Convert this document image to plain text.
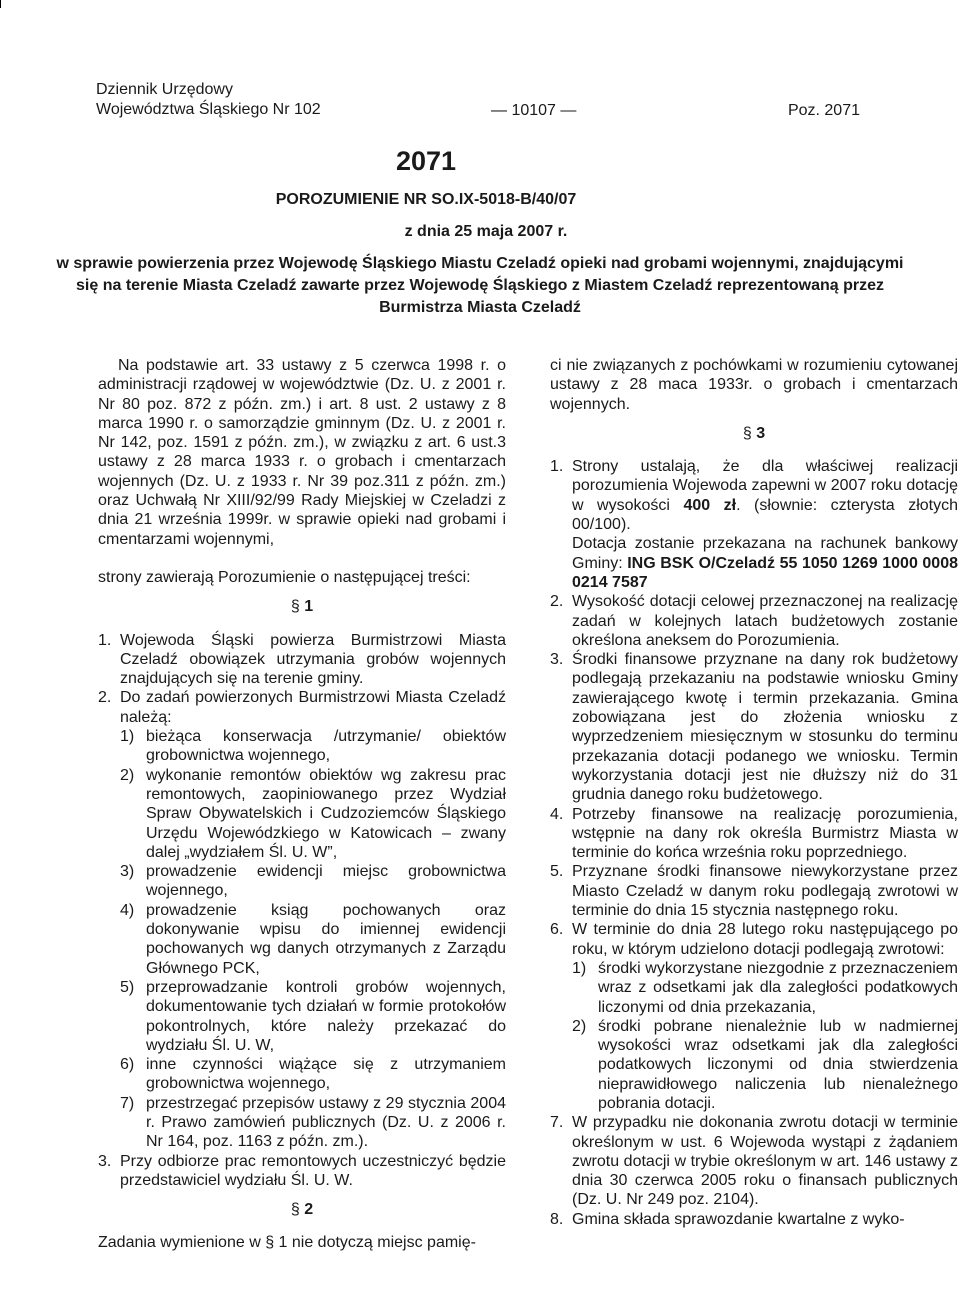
Dziennik Urzędowy
Województwa Śląskiego Nr 102	— 10107 —	Poz. 2071
2071
POROZUMIENIE NR SO.IX-5018-B/40/07
z dnia 25 maja 2007 r.
w sprawie powierzenia przez Wojewodę Śląskiego Miastu Czeladź opieki nad grobami wojennymi, znajdującymi się na terenie Miasta Czeladź zawarte przez Wojewodę Śląskiego z Miastem Czeladź reprezentowaną przez Burmistrza Miasta Czeladź

Na podstawie art. 33 ustawy z 5 czerwca 1998 r. o administracji rządowej w województwie (Dz. U. z 2001 r. Nr 80 poz. 872 z późn. zm.) i art. 8 ust. 2 ustawy z 8 marca 1990 r. o samorządzie gminnym (Dz. U. z 2001 r. Nr 142, poz. 1591 z późn. zm.), w związku z art. 6 ust.3 ustawy z 28 marca 1933 r. o grobach i cmentarzach wojennych (Dz. U. z 1933 r. Nr 39 poz.311 z późn. zm.) oraz Uchwałą Nr XIII/92/99 Rady Miejskiej w Czeladzi z dnia 21 września 1999r. w sprawie opieki nad grobami i cmentarzami wojennymi,

strony zawierają Porozumienie o następującej treści:

§ 1
1. Wojewoda Śląski powierza Burmistrzowi Miasta Czeladź obowiązek utrzymania grobów wojennych znajdujących się na terenie gminy.
2. Do zadań powierzonych Burmistrzowi Miasta Czeladź należą:
1) bieżąca konserwacja /utrzymanie/ obiektów grobownictwa wojennego,
2) wykonanie remontów obiektów wg zakresu prac remontowych, zaopiniowanego przez Wydział Spraw Obywatelskich i Cudzoziemców Śląskiego Urzędu Wojewódzkiego w Katowicach – zwany dalej „wydziałem Śl. U. W”,
3) prowadzenie ewidencji miejsc grobownictwa wojennego,
4) prowadzenie ksiąg pochowanych oraz dokonywanie wpisu do imiennej ewidencji pochowanych wg danych otrzymanych z Zarządu Głównego PCK,
5) przeprowadzanie kontroli grobów wojennych, dokumentowanie tych działań w formie protokołów pokontrolnych, które należy przekazać do wydziału Śl. U. W,
6) inne czynności wiążące się z utrzymaniem grobownictwa wojennego,
7) przestrzegać przepisów ustawy z 29 stycznia 2004 r. Prawo zamówień publicznych (Dz. U. z 2006 r. Nr 164, poz. 1163 z późn. zm.).
3. Przy odbiorze prac remontowych uczestniczyć będzie przedstawiciel wydziału Śl. U. W.
§ 2

Zadania wymienione w § 1 nie dotyczą miejsc pamię-

ci nie związanych z pochówkami w rozumieniu cytowanej ustawy z 28 maca 1933r. o grobach i cmentarzach wojennych.

§ 3
1. Strony ustalają, że dla właściwej realizacji porozumienia Wojewoda zapewni w 2007 roku dotację w wysokości 400 zł. (słownie: czterysta złotych 00/100).

Dotacja zostanie przekazana na rachunek bankowy Gminy: ING BSK O/Czeladź 55 1050 1269 1000 0008 0214 7587

2. Wysokość dotacji celowej przeznaczonej na realizację zadań w kolejnych latach budżetowych zostanie określona aneksem do Porozumienia.
3. Środki finansowe przyznane na dany rok budżetowy podlegają przekazaniu na podstawie wniosku Gminy zawierającego kwotę i termin przekazania. Gmina zobowiązana jest do złożenia wniosku z wyprzedzeniem miesięcznym w stosunku do terminu przekazania dotacji podanego we wniosku. Termin wykorzystania dotacji jest nie dłuższy niż do 31 grudnia danego roku budżetowego.
4. Potrzeby finansowe na realizację porozumienia, wstępnie na dany rok określa Burmistrz Miasta w terminie do końca września roku poprzedniego.
5. Przyznane środki finansowe niewykorzystane przez Miasto Czeladź w danym roku podlegają zwrotowi w terminie do dnia 15 stycznia następnego roku.
6. W terminie do dnia 28 lutego roku następującego po roku, w którym udzielono dotacji podlegają zwrotowi:
1) środki wykorzystane niezgodnie z przeznaczeniem wraz z odsetkami jak dla zaległości podatkowych liczonymi od dnia przekazania,
2) środki pobrane nienależnie lub w nadmiernej wysokości wraz odsetkami jak dla zaległości podatkowych liczonymi od dnia stwierdzenia nieprawidłowego naliczenia lub nienależnego pobrania dotacji.
7. W przypadku nie dokonania zwrotu dotacji w terminie określonym w ust. 6 Wojewoda wystąpi z żądaniem zwrotu dotacji w trybie określonym w art. 146 ustawy z dnia 30 czerwca 2005 roku o finansach publicznych (Dz. U. Nr 249 poz. 2104).
8. Gmina składa sprawozdanie kwartalne z wyko-
